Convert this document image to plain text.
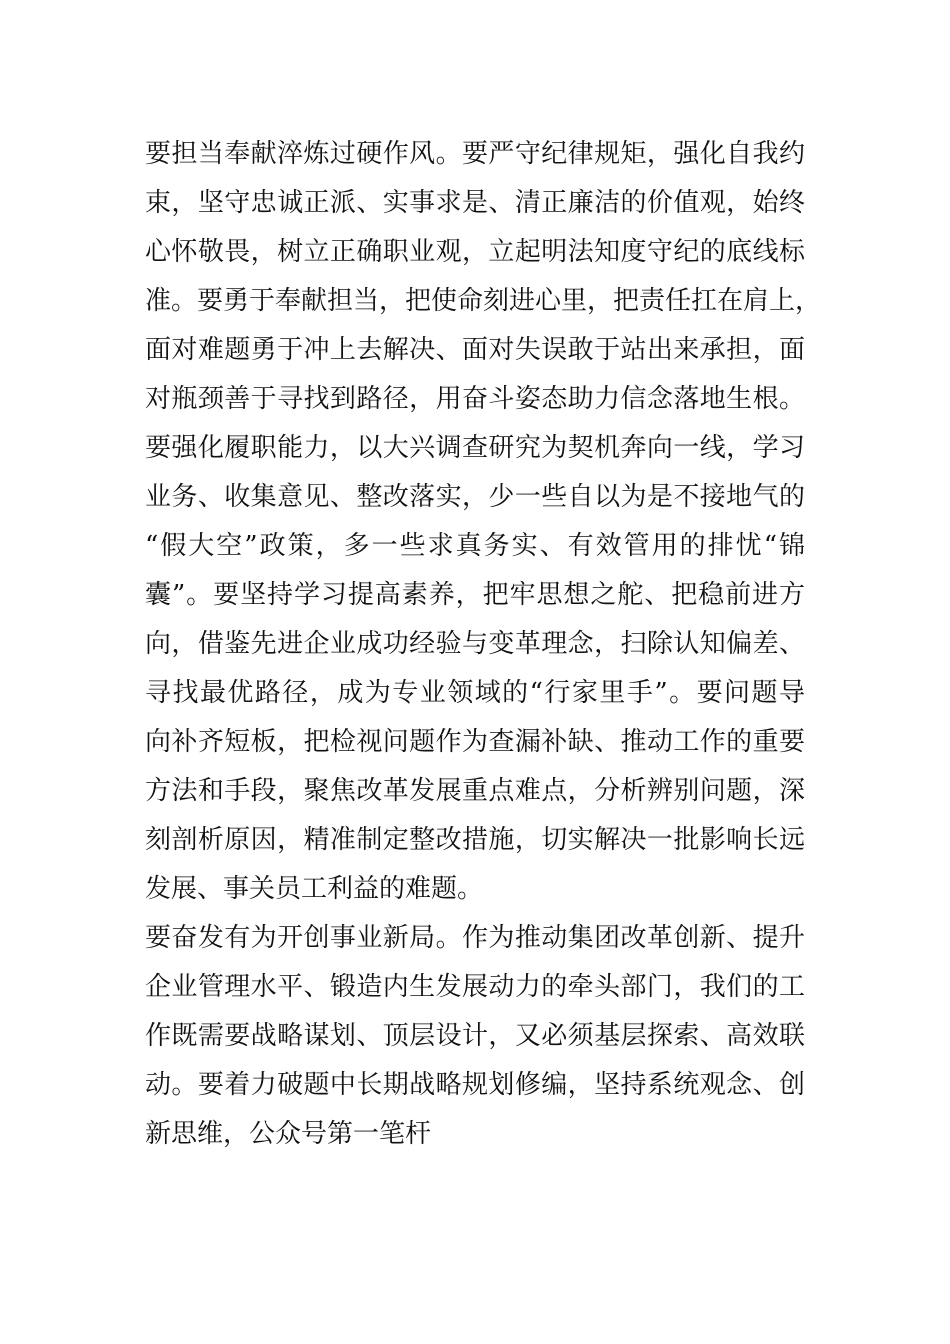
要担当奉献淬炼过硬作风。要严守纪律规矩，强化自我约
束，坚守忠诚正派、实事求是、清正廉洁的价值观，始终
心怀敬畏，树立正确职业观，立起明法知度守纪的底线标
准。要勇于奉献担当，把使命刻进心里，把责任扛在肩上，
面对难题勇于冲上去解决、面对失误敢于站出来承担，面
对瓶颈善于寻找到路径，用奋斗姿态助力信念落地生根。
要强化履职能力，以大兴调查研究为契机奔向一线，学习
业务、收集意见、整改落实，少一些自以为是不接地气的
“假大空”政策，多一些求真务实、有效管用的排忧“锦
囊”。要坚持学习提高素养，把牢思想之舵、把稳前进方
向，借鉴先进企业成功经验与变革理念，扫除认知偏差、
寻找最优路径，成为专业领域的“行家里手”。要问题导
向补齐短板，把检视问题作为查漏补缺、推动工作的重要
方法和手段，聚焦改革发展重点难点，分析辨别问题，深
刻剖析原因，精准制定整改措施，切实解决一批影响长远
发展、事关员工利益的难题。
要奋发有为开创事业新局。作为推动集团改革创新、提升
企业管理水平、锻造内生发展动力的牵头部门，我们的工
作既需要战略谋划、顶层设计，又必须基层探索、高效联
动。要着力破题中长期战略规划修编，坚持系统观念、创
新思维，公众号第一笔杆
